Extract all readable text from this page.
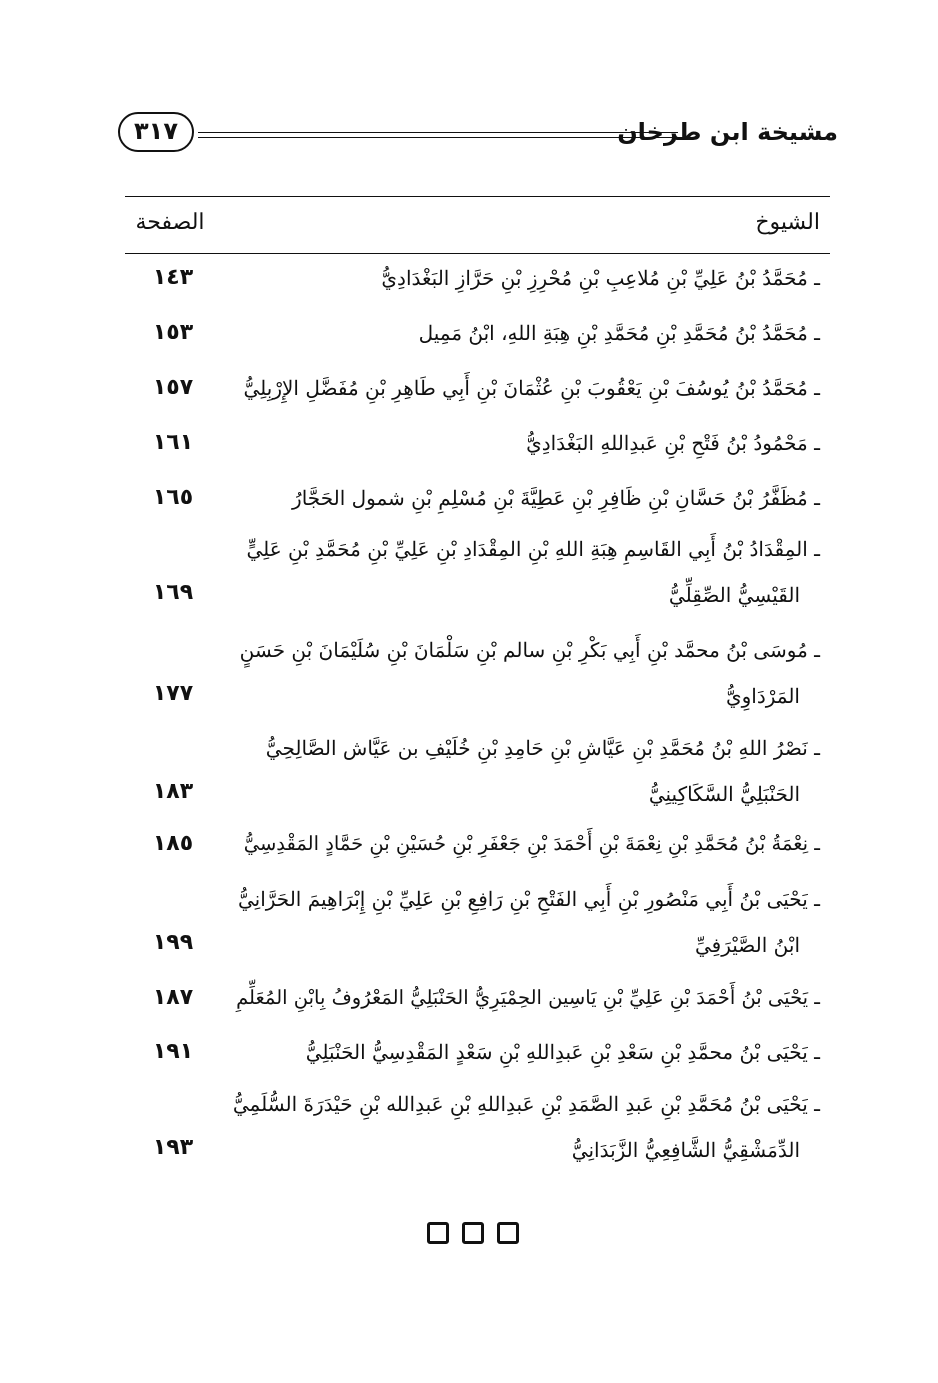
مشيخة ابن طرخان
٣١٧
الشيوخ
الصفحة
ـ مُحَمَّدُ بْنُ عَلِيِّ بْنِ مُلاعِبِ بْنِ مُحْرِزِ بْنِ حَرَّازِ البَغْدَادِيُّ
١٤٣
ـ مُحَمَّدُ بْنُ مُحَمَّدِ بْنِ مُحَمَّدِ بْنِ هِبَةِ اللهِ، ابْنُ مَمِيل
١٥٣
ـ مُحَمَّدُ بْنُ يُوسُفَ بْنِ يَعْقُوبَ بْنِ عُثْمَانَ بْنِ أَبِي طَاهِرِ بْنِ مُفَضَّلِ الإِرْبِلِيُّ
١٥٧
ـ مَحْمُودُ بْنُ فَتْحِ بْنِ عَبدِاللهِ البَغْدَادِيُّ
١٦١
ـ مُظَفَّرُ بْنُ حَسَّانِ بْنِ ظَافِرِ بْنِ عَطِيَّةَ بْنِ مُسْلِمِ بْنِ شمول الحَجَّارُ
١٦٥
ـ المِقْدَادُ بْنُ أَبِي القَاسِمِ هِبَةِ اللهِ بْنِ المِقْدَادِ بْنِ عَلِيِّ بْنِ مُحَمَّدِ بْنِ عَلِيٍّ
القَيْسِيُّ الصِّقِلِّيُّ
١٦٩
ـ مُوسَى بْنُ محمَّد بْنِ أَبِي بَكْرِ بْنِ سالم بْنِ سَلْمَانَ بْنِ سُلَيْمَانَ بْنِ حَسَنٍ
المَرْدَاوِيُّ
١٧٧
ـ نَصْرُ اللهِ بْنُ مُحَمَّدِ بْنِ عَيَّاشِ بْنِ حَامِدِ بْنِ خُلَيْفِ بن عَيَّاش الصَّالِحِيُّ
الحَنْبَلِيُّ السَّكَاكِينِيُّ
١٨٣
ـ نِعْمَةُ بْنُ مُحَمَّدِ بْنِ نِعْمَةَ بْنِ أَحْمَدَ بْنِ جَعْفَرِ بْنِ حُسَيْنِ بْنِ حَمَّادٍ المَقْدِسِيُّ
١٨٥
ـ يَحْيَى بْنُ أَبِي مَنْصُورِ بْنِ أَبِي الفَتْحِ بْنِ رَافِعِ بْنِ عَلِيِّ بْنِ إِبْرَاهِيمَ الحَرَّانِيُّ
ابْنُ الصَّيْرَفِيِّ
١٩٩
ـ يَحْيَى بْنُ أَحْمَدَ بْنِ عَلِيِّ بْنِ يَاسِين الحِمْيَرِيُّ الحَنْبَلِيُّ المَعْرُوفُ بِابْنِ المُعَلِّمِ
١٨٧
ـ يَحْيَى بْنُ محمَّدِ بْنِ سَعْدِ بْنِ عَبدِاللهِ بْنِ سَعْدٍ المَقْدِسِيُّ الحَنْبَلِيُّ
١٩١
ـ يَحْيَى بْنُ مُحَمَّدِ بْنِ عَبدِ الصَّمَدِ بْنِ عَبدِاللهِ بْنِ عَبدِالله بْنِ حَيْدَرَةَ السُّلَمِيُّ
الدِّمَشْقِيُّ الشَّافِعِيُّ الزَّبَدَانِيُّ
١٩٣
